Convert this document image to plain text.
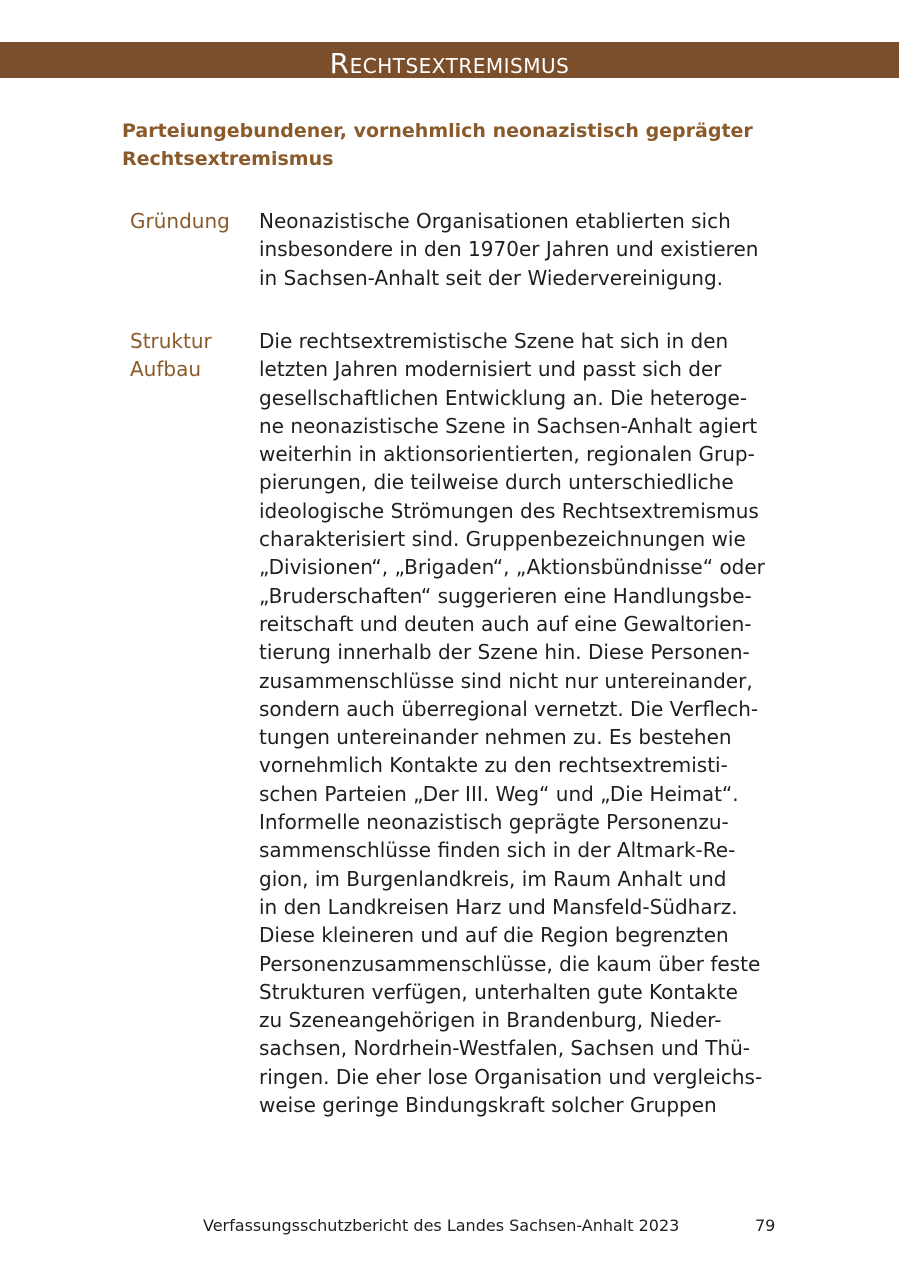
Rechtsextremismus
Parteiungebundener, vornehmlich neonazistisch geprägter Rechtsextremismus
Gründung	Neonazistische Organisationen etablierten sich
insbesondere in den 1970er Jahren und existieren
in Sachsen-Anhalt seit der Wiedervereinigung.
Struktur
Aufbau
Die rechtsextremistische Szene hat sich in den
letzten Jahren modernisiert und passt sich der
gesellschaftlichen Entwicklung an. Die heteroge-
ne neonazistische Szene in Sachsen-Anhalt agiert
weiterhin in aktionsorientierten, regionalen Grup-
pierungen, die teilweise durch unterschiedliche
ideologische Strömungen des Rechtsextremismus
charakterisiert sind. Gruppenbezeichnungen wie
„Divisionen“, „Brigaden“, „Aktionsbündnisse“ oder
„Bruderschaften“ suggerieren eine Handlungsbe-
reitschaft und deuten auch auf eine Gewaltorien-
tierung innerhalb der Szene hin. Diese Personen-
zusammenschlüsse sind nicht nur untereinander,
sondern auch überregional vernetzt. Die Verflech-
tungen untereinander nehmen zu. Es bestehen
vornehmlich Kontakte zu den rechtsextremisti-
schen Parteien „Der III. Weg“ und „Die Heimat“.
Informelle neonazistisch geprägte Personenzu-
sammenschlüsse finden sich in der Altmark-Re-
gion, im Burgenlandkreis, im Raum Anhalt und
in den Landkreisen Harz und Mansfeld-Südharz.
Diese kleineren und auf die Region begrenzten
Personenzusammenschlüsse, die kaum über feste
Strukturen verfügen, unterhalten gute Kontakte
zu Szeneangehörigen in Brandenburg, Nieder-
sachsen, Nordrhein-Westfalen, Sachsen und Thü-
ringen. Die eher lose Organisation und vergleichs-
weise geringe Bindungskraft solcher Gruppen
Verfassungsschutzbericht des Landes Sachsen-Anhalt 2023	79
